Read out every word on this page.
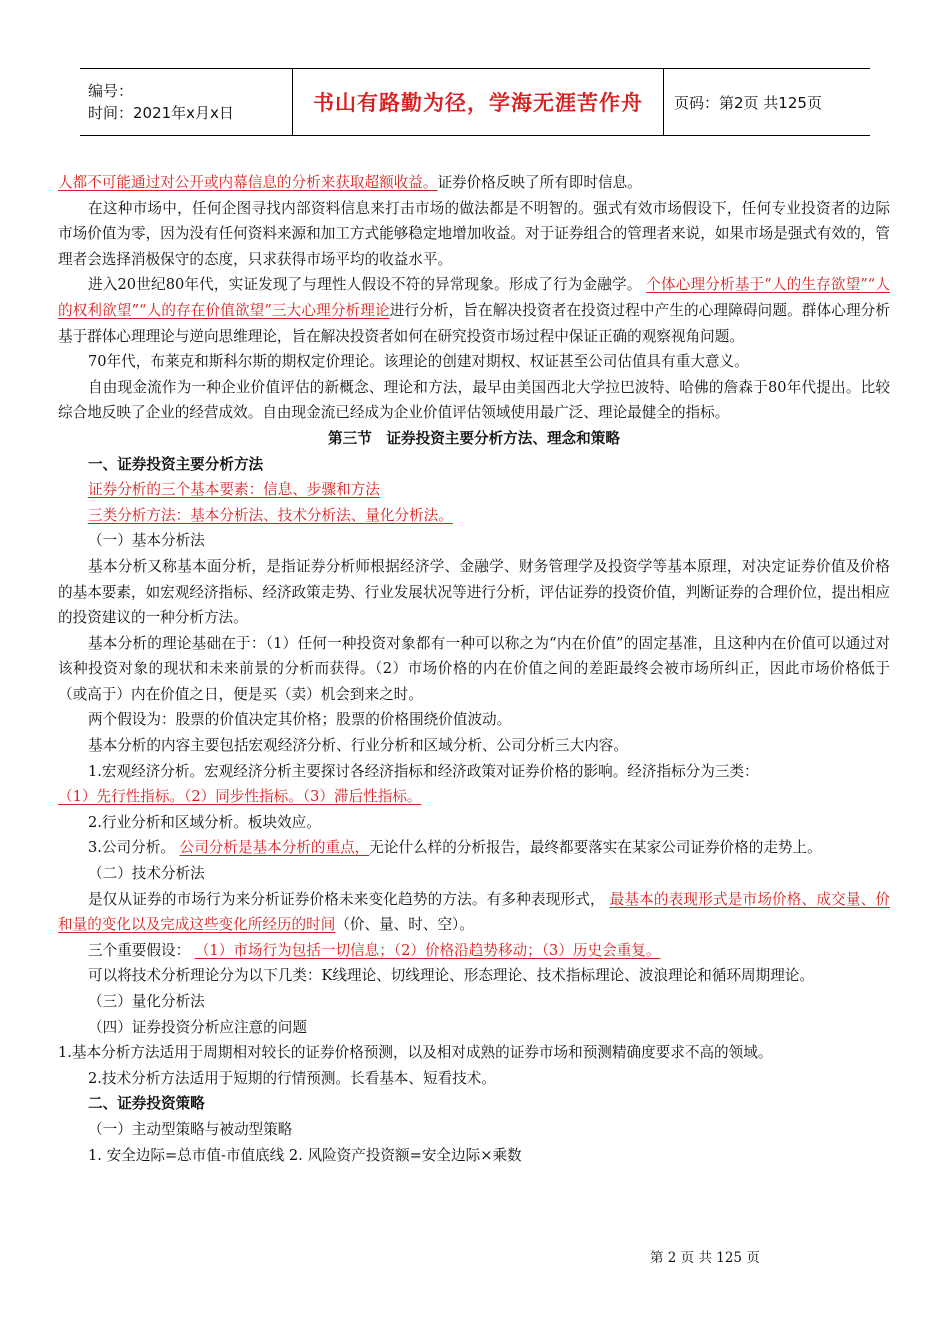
编号：
时间：2021年x月x日	书山有路勤为径，学海无涯苦作舟 页码：第2页 共125页

人都不可能通过对公开或内幕信息的分析来获取超额收益。证券价格反映了所有即时信息。

在这种市场中，任何企图寻找内部资料信息来打击市场的做法都是不明智的。强式有效市场假设下，任何专业投资者的边际市场价值为零，因为没有任何资料来源和加工方式能够稳定地增加收益。对于证券组合的管理者来说，如果市场是强式有效的，管理者会选择消极保守的态度，只求获得市场平均的收益水平。

进入20世纪80年代，实证发现了与理性人假设不符的异常现象。形成了行为金融学。 个体心理分析基于“人的生存欲望”“人的权利欲望”“人的存在价值欲望”三大心理分析理论进行分析，旨在解决投资者在投资过程中产生的心理障碍问题。群体心理分析基于群体心理理论与逆向思维理论，旨在解决投资者如何在研究投资市场过程中保证正确的观察视角问题。

70年代，布莱克和斯科尔斯的期权定价理论。该理论的创建对期权、权证甚至公司估值具有重大意义。

自由现金流作为一种企业价值评估的新概念、理论和方法，最早由美国西北大学拉巴波特、哈佛的詹森于80年代提出。比较综合地反映了企业的经营成效。自由现金流已经成为企业价值评估领域使用最广泛、理论最健全的指标。

第三节　证券投资主要分析方法、理念和策略

一、证券投资主要分析方法

证券分析的三个基本要素：信息、步骤和方法

三类分析方法：基本分析法、技术分析法、量化分析法。

（一）基本分析法

基本分析又称基本面分析，是指证券分析师根据经济学、金融学、财务管理学及投资学等基本原理，对决定证券价值及价格的基本要素，如宏观经济指标、经济政策走势、行业发展状况等进行分析，评估证券的投资价值，判断证券的合理价位，提出相应的投资建议的一种分析方法。

基本分析的理论基础在于：（1）任何一种投资对象都有一种可以称之为“内在价值”的固定基准，且这种内在价值可以通过对该种投资对象的现状和未来前景的分析而获得。（2）市场价格的内在价值之间的差距最终会被市场所纠正，因此市场价格低于（或高于）内在价值之日，便是买（卖）机会到来之时。

两个假设为：股票的价值决定其价格；股票的价格围绕价值波动。

基本分析的内容主要包括宏观经济分析、行业分析和区域分析、公司分析三大内容。

1.宏观经济分析。宏观经济分析主要探讨各经济指标和经济政策对证券价格的影响。经济指标分为三类：

（1）先行性指标。（2）同步性指标。（3）滞后性指标。

2.行业分析和区域分析。板块效应。

3.公司分析。 公司分析是基本分析的重点，无论什么样的分析报告，最终都要落实在某家公司证券价格的走势上。

（二）技术分析法

是仅从证券的市场行为来分析证券价格未来变化趋势的方法。有多种表现形式， 最基本的表现形式是市场价格、成交量、价和量的变化以及完成这些变化所经历的时间（价、量、时、空）。

三个重要假设： （1）市场行为包括一切信息；（2）价格沿趋势移动；（3）历史会重复。

可以将技术分析理论分为以下几类：K线理论、切线理论、形态理论、技术指标理论、波浪理论和循环周期理论。

（三）量化分析法

（四）证券投资分析应注意的问题

1.基本分析方法适用于周期相对较长的证券价格预测，以及相对成熟的证券市场和预测精确度要求不高的领域。

2.技术分析方法适用于短期的行情预测。长看基本、短看技术。

二、证券投资策略

（一）主动型策略与被动型策略

1. 安全边际=总市值-市值底线 2. 风险资产投资额=安全边际×乘数

第 2 页 共 125 页
